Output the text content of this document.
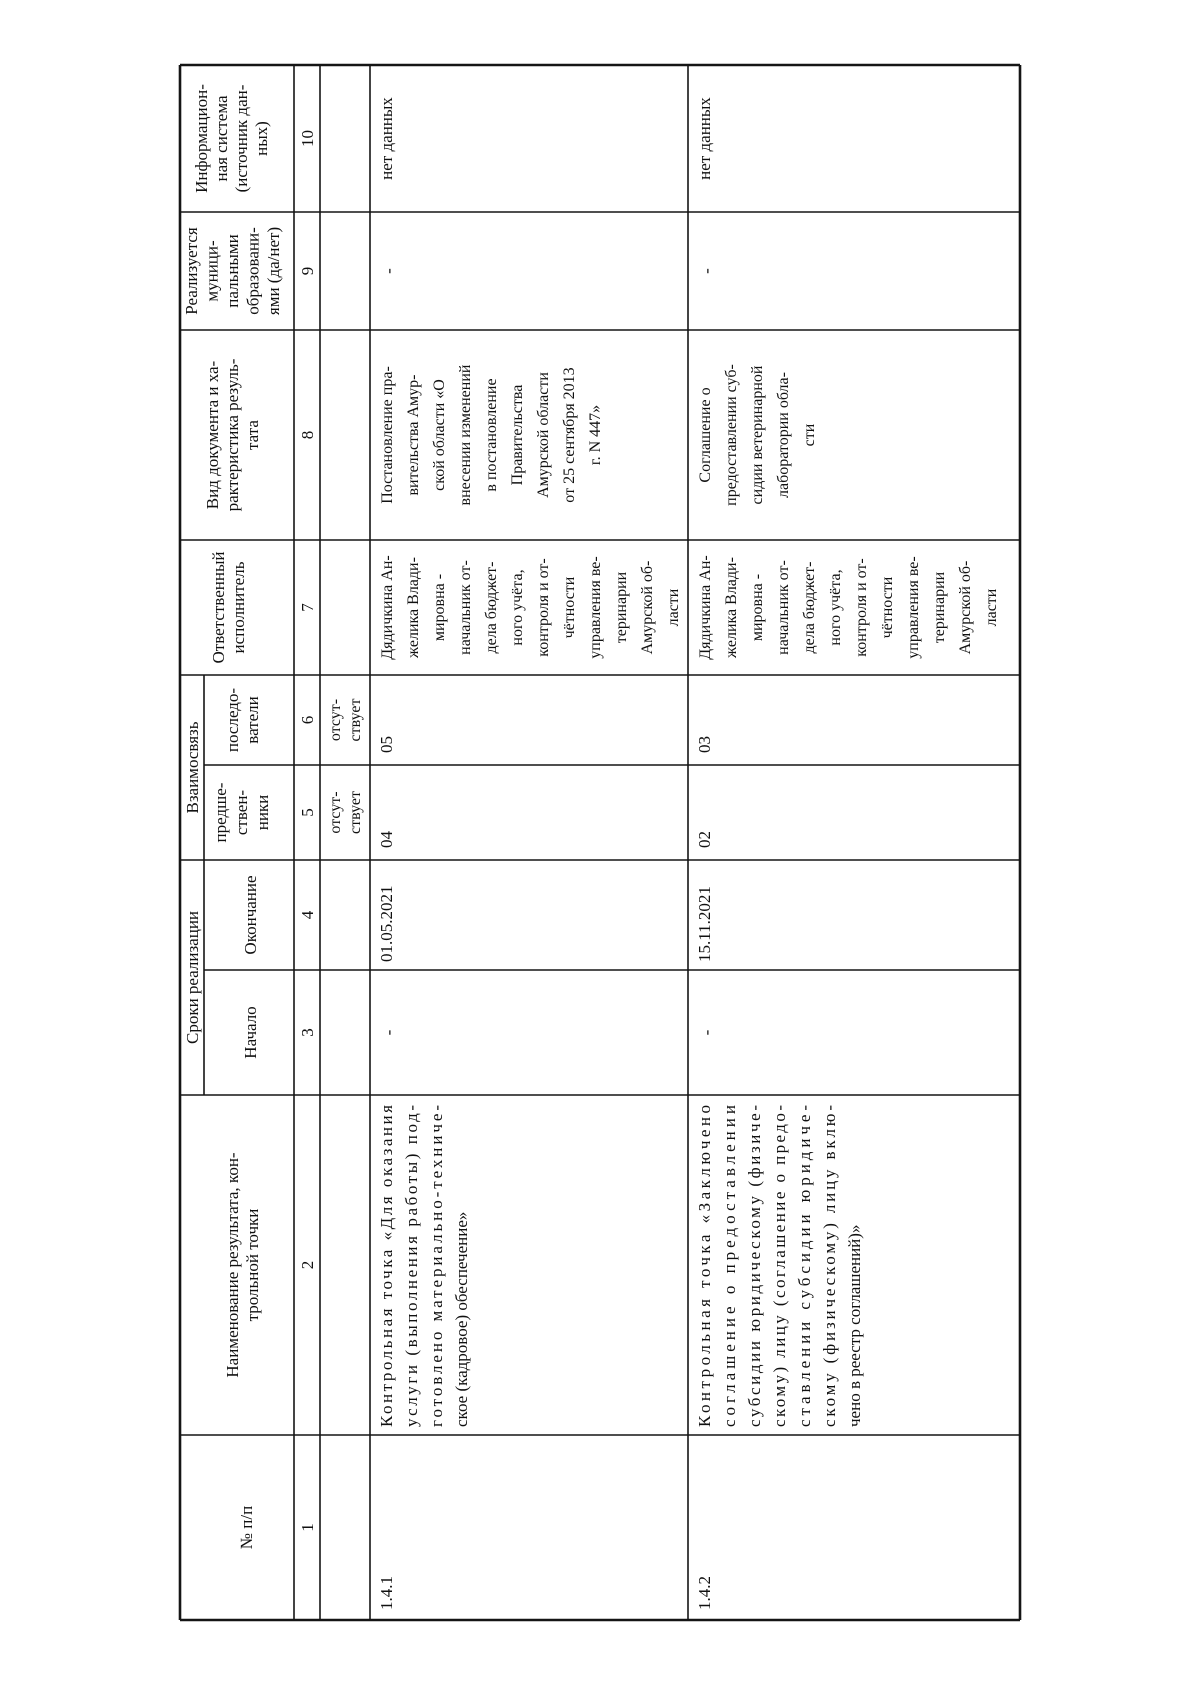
№ п/п
Наименование результата, кон-трольной точки
Сроки реализации Начало
Окончание
Взаимосвязь предше- ствен- ники
последо-ватели
Ответственныйисполнитель
Вид документа и ха-рактеристика резуль-тата
Реализуетсямуници-пальнымиобразовани-ями (да/нет)
Информацион-ная система(источник дан-ных)
1
2
3
4
5
6
7
8
9
10
отсут- ствует
отсут- ствует
1.4.1
Контрольная точка «Для оказанияуслуги (выполнения работы) под-готовлено материально-техниче-ское (кадровое) обеспечение»
-
01.05.2021
04
05
Дядичкина Ан- желика Влади- мировна - начальник от- дела бюджет- ного учёта, контроля и от- чётности управления ве- теринарии Амурской об- ласти
Постановление пра- вительства Амур- ской области «О внесении изменений в постановление Правительства Амурской области от 25 сентября 2013 г. N 447»
-
нет данных
1.4.2
Контрольная точка «Заключеносоглашение о предоставлениисубсидии юридическому (физиче-скому) лицу (соглашение о предо-ставлении субсидии юридиче-скому (физическому) лицу вклю-чено в реестр соглашений)»
-
15.11.2021
02
03
Дядичкина Ан- желика Влади- мировна - начальник от- дела бюджет- ного учёта, контроля и от- чётности управления ве- теринарии Амурской об- ласти
Соглашение о предоставлении суб- сидии ветеринарной лаборатории обла- сти
-
нет данных
